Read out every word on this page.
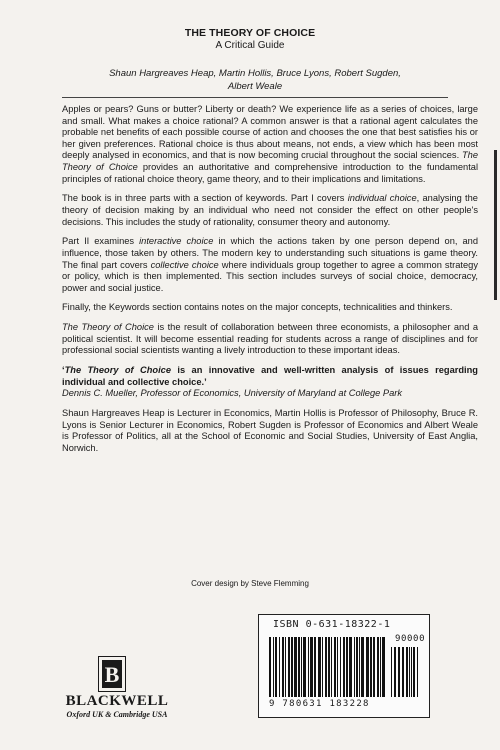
THE THEORY OF CHOICE
A Critical Guide
Shaun Hargreaves Heap, Martin Hollis, Bruce Lyons, Robert Sugden,
Albert Weale

Apples or pears? Guns or butter? Liberty or death? We experience life as a series of choices, large and small. What makes a choice rational? A common answer is that a rational agent calculates the probable net benefits of each possible course of action and chooses the one that best satisfies his or her given preferences. Rational choice is thus about means, not ends, a view which has been most deeply analysed in economics, and that is now becoming crucial throughout the social sciences. The Theory of Choice provides an authoritative and comprehensive introduction to the fundamental principles of rational choice theory, game theory, and to their implications and limitations.

The book is in three parts with a section of keywords. Part I covers individual choice, analysing the theory of decision making by an individual who need not consider the effect on other people's decisions. This includes the study of rationality, consumer theory and autonomy.

Part II examines interactive choice in which the actions taken by one person depend on, and influence, those taken by others. The modern key to understanding such situations is game theory. The final part covers collective choice where individuals group together to agree a common strategy or policy, which is then implemented. This section includes surveys of social choice, democracy, power and social justice.

Finally, the Keywords section contains notes on the major concepts, technicalities and thinkers.

The Theory of Choice is the result of collaboration between three economists, a philosopher and a political scientist. It will become essential reading for students across a range of disciplines and for professional social scientists wanting a lively introduction to these important ideas.

‘The Theory of Choice is an innovative and well-written analysis of issues regarding individual and collective choice.’

Dennis C. Mueller, Professor of Economics, University of Maryland at College Park

Shaun Hargreaves Heap is Lecturer in Economics, Martin Hollis is Professor of Philosophy, Bruce R. Lyons is Senior Lecturer in Economics, Robert Sugden is Professor of Economics and Albert Weale is Professor of Politics, all at the School of Economic and Social Studies, University of East Anglia, Norwich.

Cover design by Steve Flemming
ISBN 0-631-18322-1
90000
9 780631 183228
B
BLACKWELL
Oxford UK & Cambridge USA
